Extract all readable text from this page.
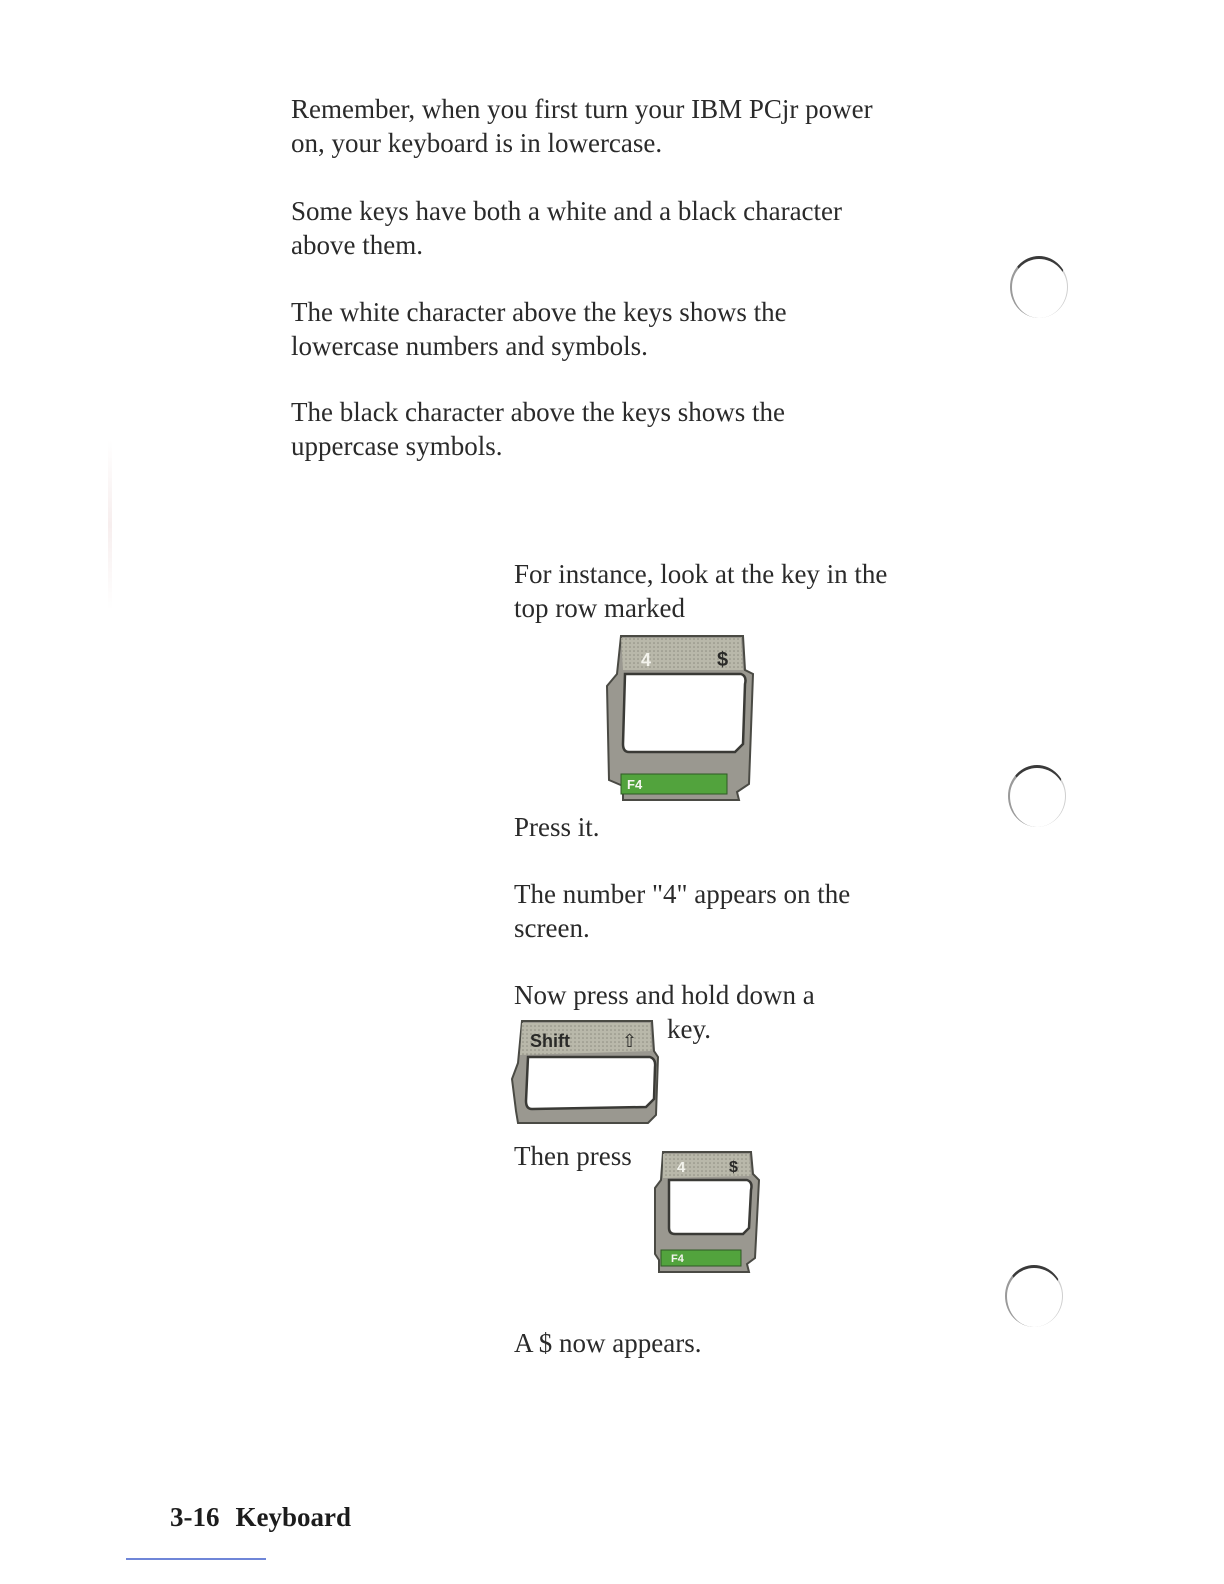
Remember, when you first turn your IBM PCjr power
on, your keyboard is in lowercase.

Some keys have both a white and a black character
above them.

The white character above the keys shows the
lowercase numbers and symbols.

The black character above the keys shows the
uppercase symbols.

For instance, look at the key in the
top row marked

4	$
F4

Press it.

The number "4" appears on the
screen.

Now press and hold down a

key.

Shift	⇧

Then press	4	$
F4

A $ now appears.

3-16 Keyboard
